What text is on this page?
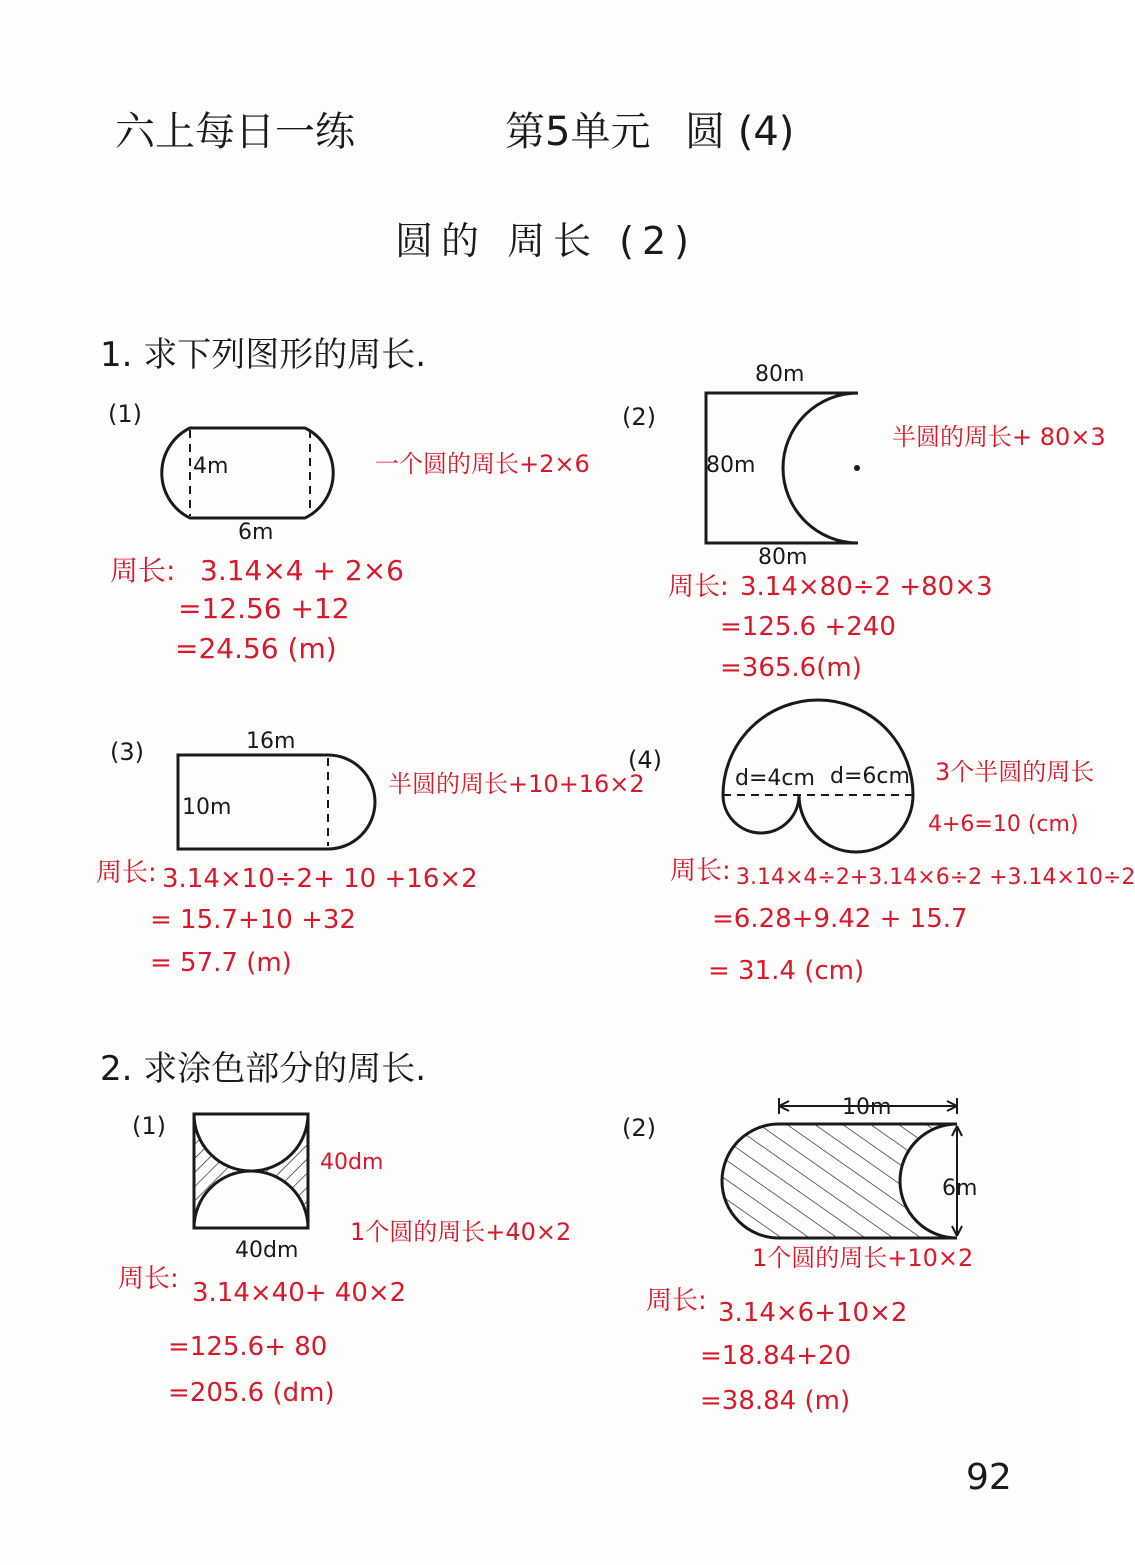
六上每日一练	第5单元 圆 (4)
圆的 周长 (2)
1. 求下列图形的周长.
(1)
4m
6m
一个圆的周长+2×6
周长: 3.14×4 + 2×6
=12.56 +12
=24.56 (m)
(2)
80m
80m
80m
半圆的周长+ 80×3
周长: 3.14×80÷2 +80×3
=125.6 +240
=365.6(m)
(3)	16m
10m
半圆的周长+10+16×2
周长: 3.14×10÷2+ 10 +16×2
= 15.7+10 +32
= 57.7 (m)
(4)
d=4cm d=6cm 3个半圆的周长
4+6=10 (cm)
周长: 3.14×4÷2+3.14×6÷2 +3.14×10÷2
=6.28+9.42 + 15.7
= 31.4 (cm)
2. 求涂色部分的周长.
(1)
40dm
40dm
1个圆的周长+40×2
周长: 3.14×40+ 40×2
=125.6+ 80
=205.6 (dm)
(2)
10m
6m
1个圆的周长+10×2
周长: 3.14×6+10×2
=18.84+20
=38.84 (m)
92
